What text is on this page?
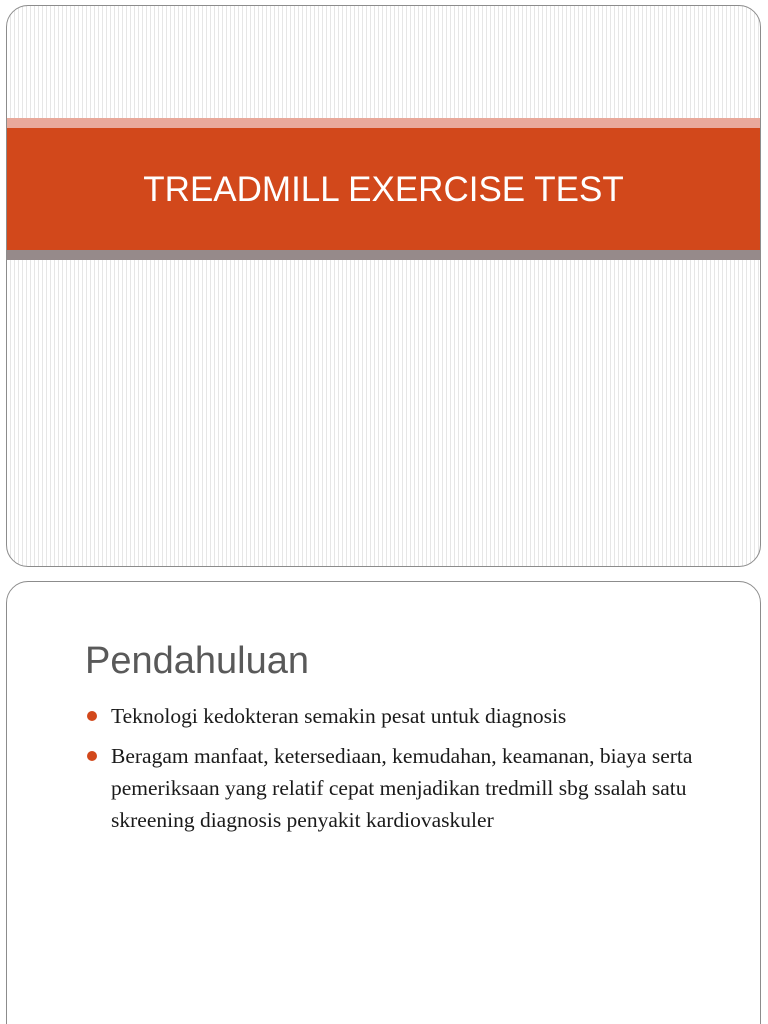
TREADMILL EXERCISE TEST
Pendahuluan
Teknologi kedokteran semakin pesat untuk diagnosis
Beragam manfaat, ketersediaan, kemudahan, keamanan, biaya serta pemeriksaan yang relatif cepat menjadikan tredmill sbg ssalah satu skreening diagnosis penyakit kardiovaskuler
